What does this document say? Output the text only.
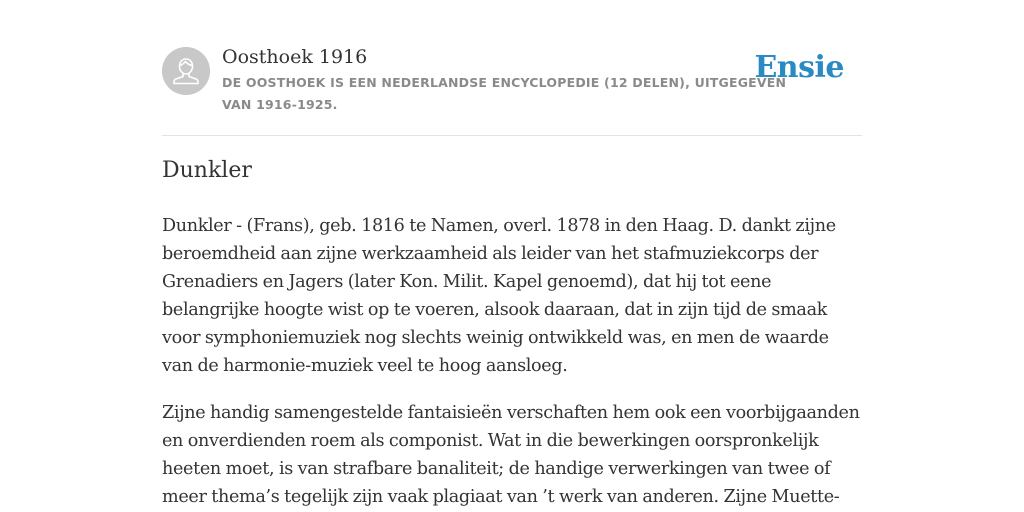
Oosthoek 1916
DE OOSTHOEK IS EEN NEDERLANDSE ENCYCLOPEDIE (12 DELEN), UITGEGEVEN
VAN 1916-1925.
Ensie
Dunkler

Dunkler - (Frans), geb. 1816 te Namen, overl. 1878 in den Haag. D. dankt zijne
beroemdheid aan zijne werkzaamheid als leider van het stafmuziekcorps der
Grenadiers en Jagers (later Kon. Milit. Kapel genoemd), dat hij tot eene
belangrijke hoogte wist op te voeren, alsook daaraan, dat in zijn tijd de smaak
voor symphoniemuziek nog slechts weinig ontwikkeld was, en men de waarde
van de harmonie-muziek veel te hoog aansloeg.

Zijne handig samengestelde fantaisieën verschaften hem ook een voorbijgaanden
en onverdienden roem als componist. Wat in die bewerkingen oorspronkelijk
heeten moet, is van strafbare banaliteit; de handige verwerkingen van twee of
meer thema’s tegelijk zijn vaak plagiaat van ’t werk van anderen. Zijne Muette-
